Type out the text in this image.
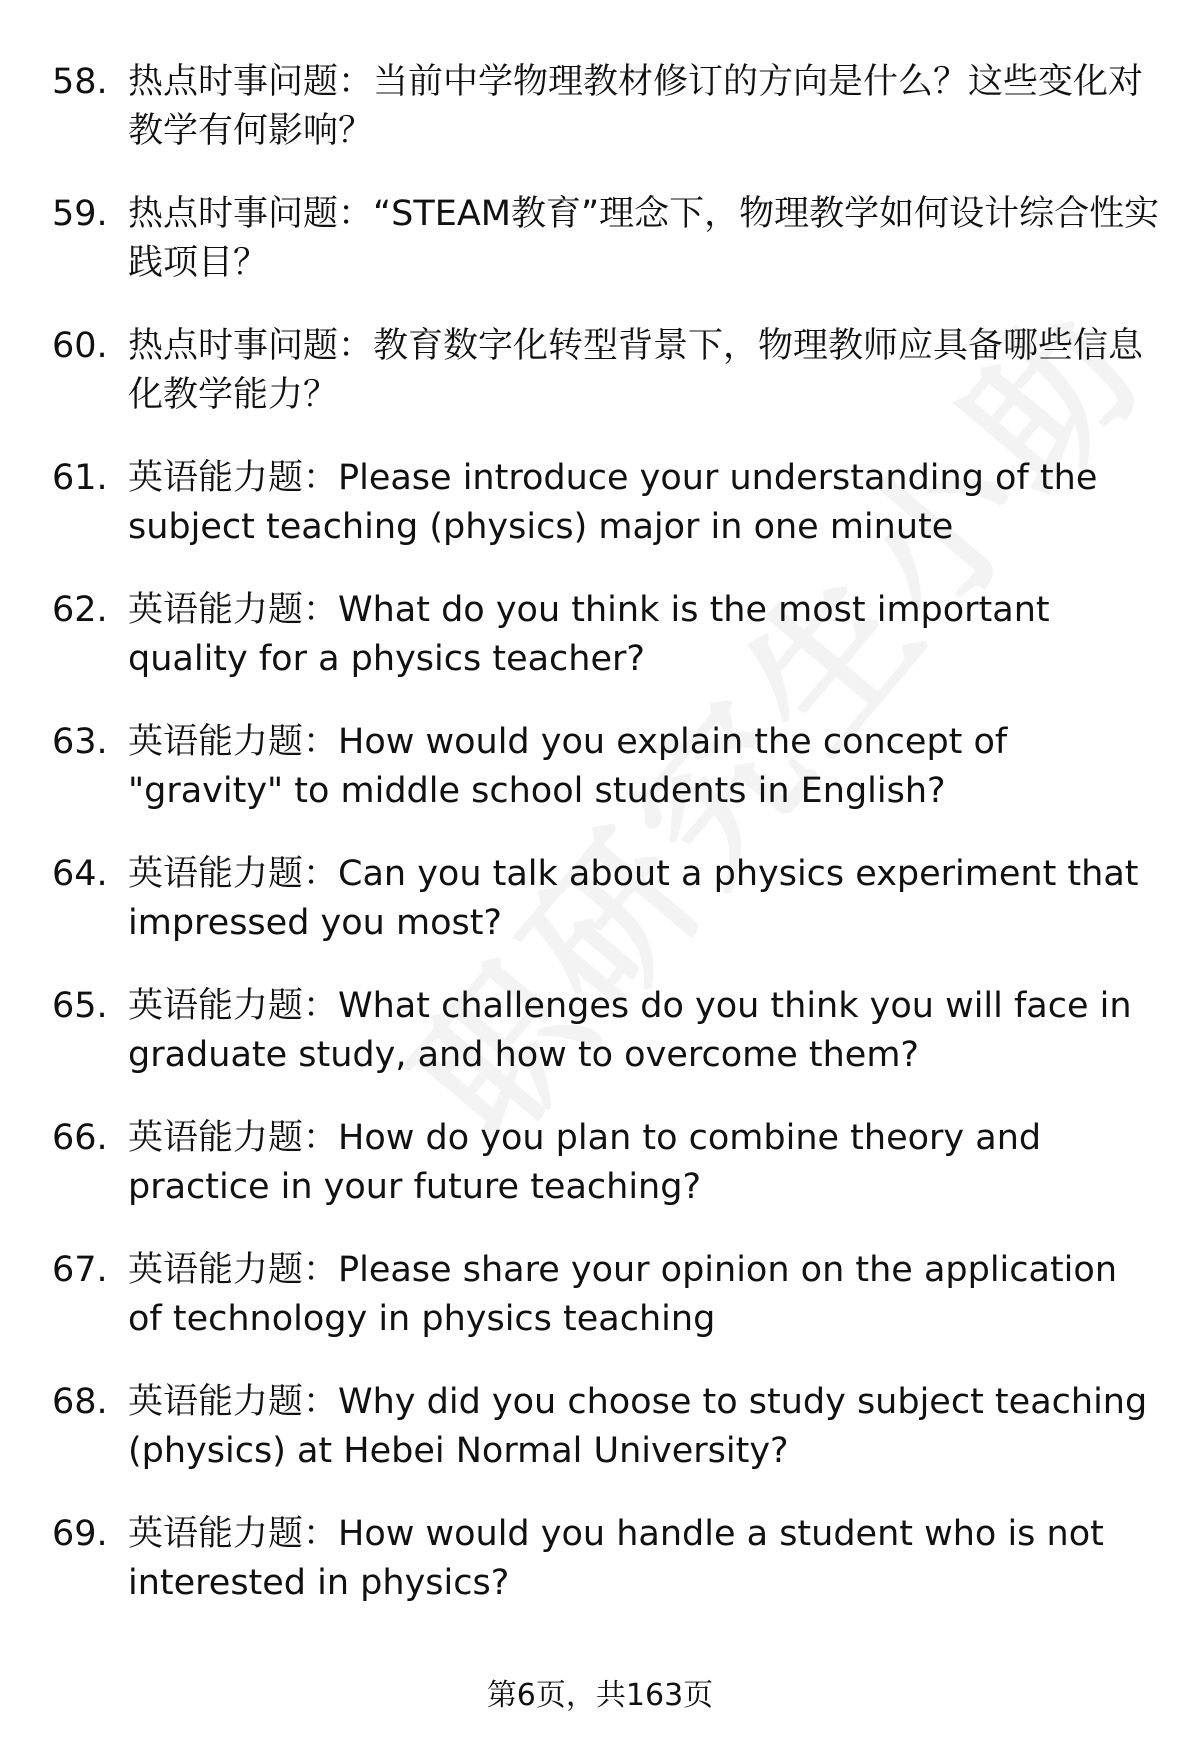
58. 热点时事问题：当前中学物理教材修订的方向是什么？这些变化对教学有何影响？
59. 热点时事问题：“STEAM教育”理念下，物理教学如何设计综合性实践项目？
60. 热点时事问题：教育数字化转型背景下，物理教师应具备哪些信息化教学能力？
61. 英语能力题：Please introduce your understanding of the subject teaching (physics) major in one minute
62. 英语能力题：What do you think is the most important quality for a physics teacher?
63. 英语能力题：How would you explain the concept of "gravity" to middle school students in English?
64. 英语能力题：Can you talk about a physics experiment that impressed you most?
65. 英语能力题：What challenges do you think you will face in graduate study, and how to overcome them?
66. 英语能力题：How do you plan to combine theory and practice in your future teaching?
67. 英语能力题：Please share your opinion on the application of technology in physics teaching
68. 英语能力题：Why did you choose to study subject teaching (physics) at Hebei Normal University?
69. 英语能力题：How would you handle a student who is not interested in physics?
第6页，共163页
